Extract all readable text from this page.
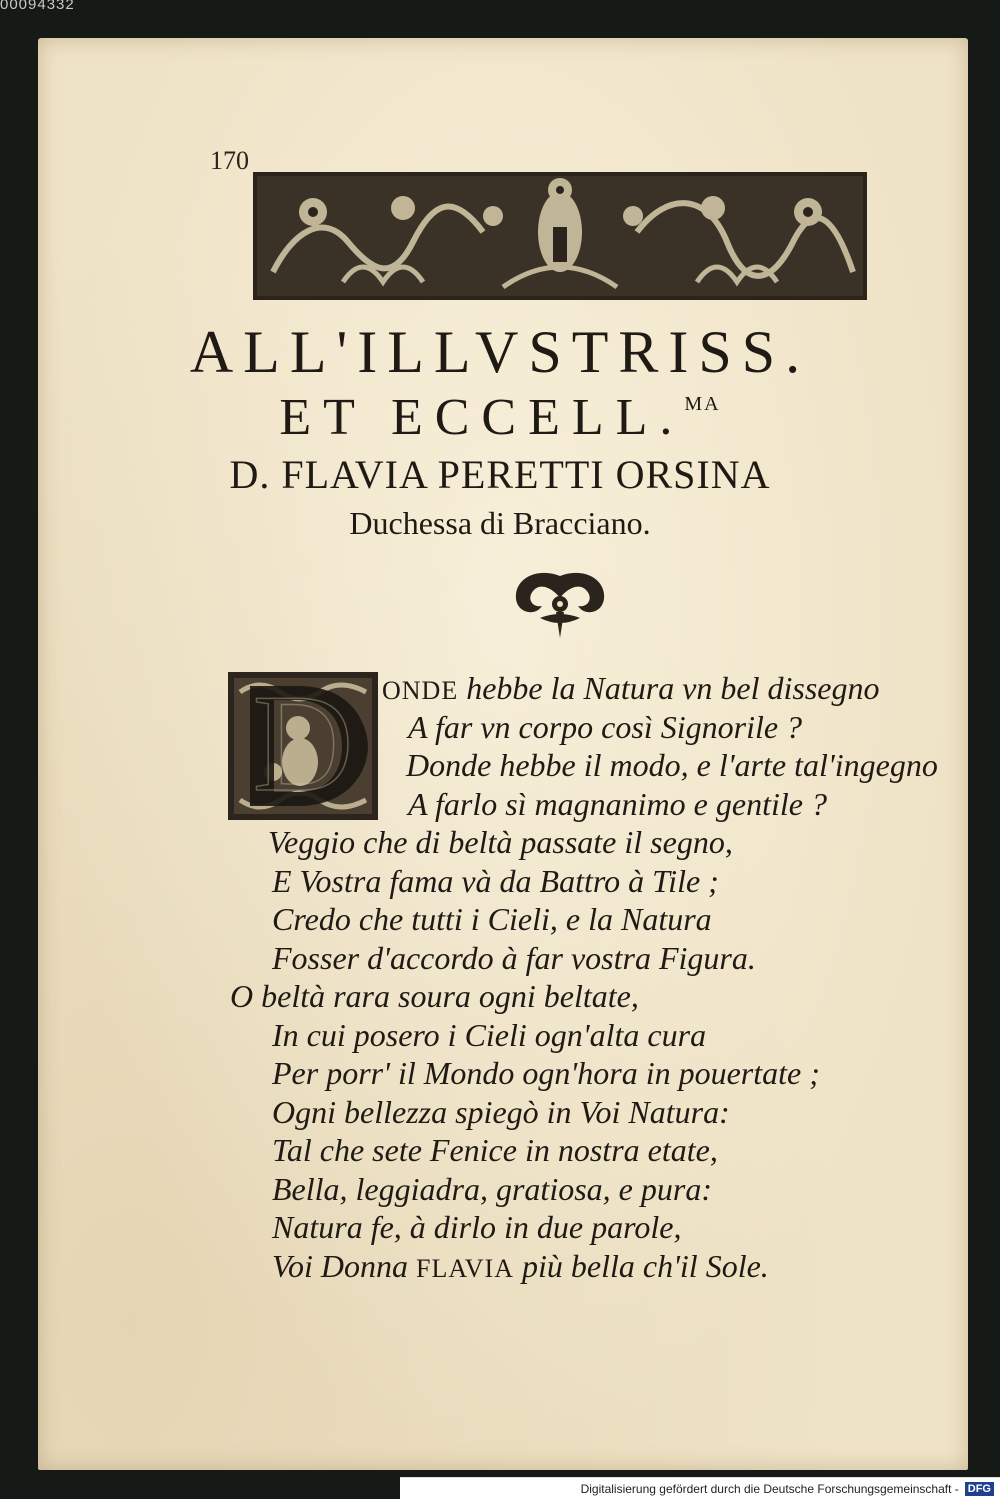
00094332
170
ALL'ILLVSTRISS.
ET ECCELL.$^{MA}$
D. FLAVIA PERETTI ORSINA
Duchessa di Bracciano.
D ONDE hebbe la Natura vn bel dissegno
A far vn corpo così Signorile ?
Donde hebbe il modo, e l'arte tal'ingegno
A farlo sì magnanimo e gentile ?
Veggio che di beltà passate il segno,
E Vostra fama và da Battro à Tile ;
Credo che tutti i Cieli, e la Natura
Fosser d'accordo à far vostra Figura.
O beltà rara soura ogni beltate,
In cui posero i Cieli ogn'alta cura
Per porr' il Mondo ogn'hora in pouertate ;
Ogni bellezza spiegò in Voi Natura:
Tal che sete Fenice in nostra etate,
Bella, leggiadra, gratiosa, e pura:
Natura fe, à dirlo in due parole,
Voi Donna FLAVIA più bella ch'il Sole.
Digitalisierung gefördert durch die Deutsche Forschungsgemeinschaft - DFG
